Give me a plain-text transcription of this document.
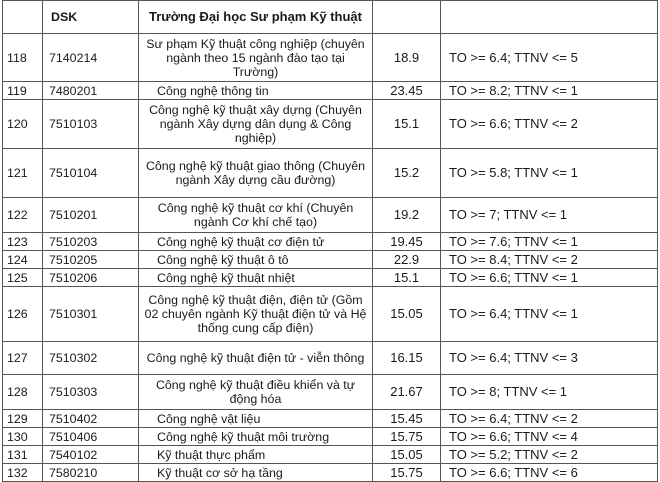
	DSK	Trường Đại học Sư phạm Kỹ thuật		
118	7140214	Sư phạm Kỹ thuật công nghiệp (chuyên ngành theo 15 ngành đào tạo tại Trường)	18.9	TO >= 6.4; TTNV <= 5
119	7480201	Công nghệ thông tin	23.45	TO >= 8.2; TTNV <= 1
120	7510103	Công nghệ kỹ thuật xây dựng (Chuyên ngành Xây dựng dân dụng & Công nghiệp)	15.1	TO >= 6.6; TTNV <= 2
121	7510104	Công nghệ kỹ thuật giao thông (Chuyên ngành Xây dựng cầu đường)	15.2	TO >= 5.8; TTNV <= 1
122	7510201	Công nghệ kỹ thuật cơ khí (Chuyên ngành Cơ khí chế tạo)	19.2	TO >= 7; TTNV <= 1
123	7510203	Công nghệ kỹ thuật cơ điện tử	19.45	TO >= 7.6; TTNV <= 1
124	7510205	Công nghệ kỹ thuật ô tô	22.9	TO >= 8.4; TTNV <= 2
125	7510206	Công nghệ kỹ thuật nhiệt	15.1	TO >= 6.6; TTNV <= 1
126	7510301	Công nghệ kỹ thuật điện, điện tử (Gồm 02 chuyên ngành Kỹ thuật điện tử và Hệ thống cung cấp điện)	15.05	TO >= 6.4; TTNV <= 1
127	7510302	Công nghệ kỹ thuật điện tử - viễn thông	16.15	TO >= 6.4; TTNV <= 3
128	7510303	Công nghệ kỹ thuật điều khiển và tự động hóa	21.67	TO >= 8; TTNV <= 1
129	7510402	Công nghệ vật liệu	15.45	TO >= 6.4; TTNV <= 2
130	7510406	Công nghệ kỹ thuật môi trường	15.75	TO >= 6.6; TTNV <= 4
131	7540102	Kỹ thuật thực phẩm	15.05	TO >= 5.2; TTNV <= 2
132	7580210	Kỹ thuật cơ sở hạ tầng	15.75	TO >= 6.6; TTNV <= 6
